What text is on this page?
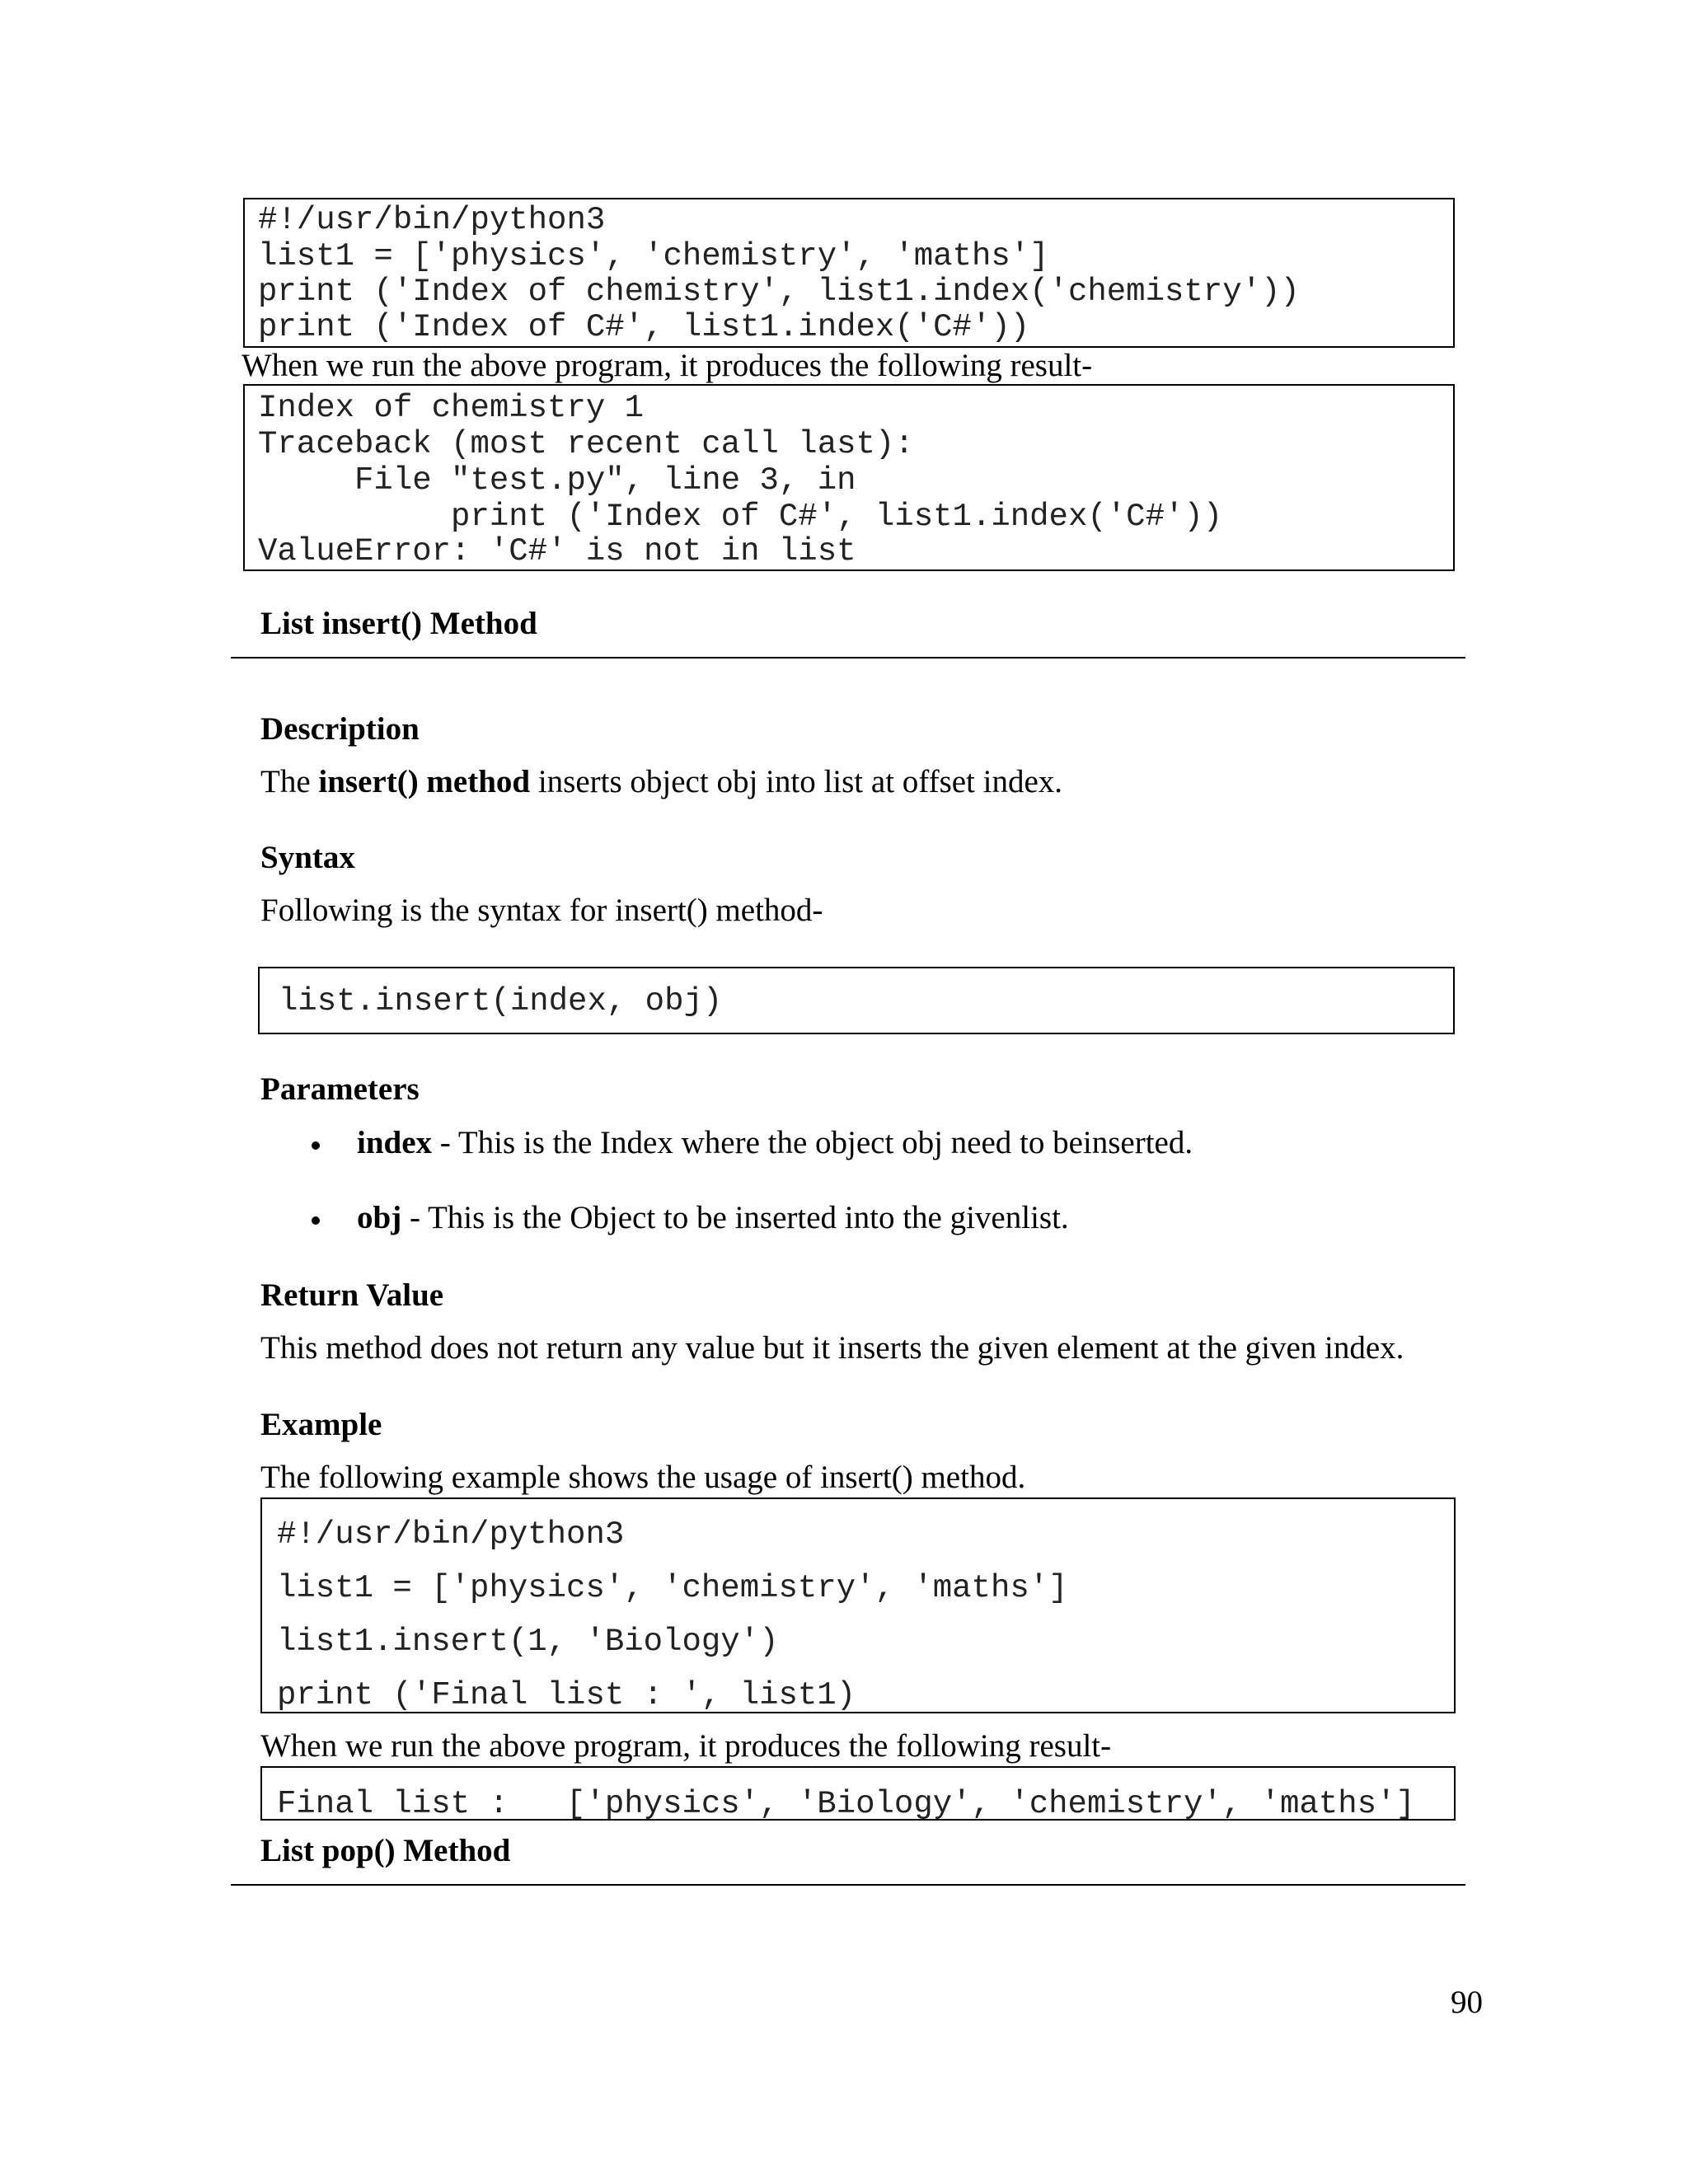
#!/usr/bin/python3
list1 = ['physics', 'chemistry', 'maths']
print ('Index of chemistry', list1.index('chemistry'))
print ('Index of C#', list1.index('C#'))
When we run the above program, it produces the following result-
Index of chemistry 1
Traceback (most recent call last):
File "test.py", line 3, in
print ('Index of C#', list1.index('C#'))
ValueError: 'C#' is not in list
List insert() Method
Description
The insert() method inserts object obj into list at offset index.
Syntax
Following is the syntax for insert() method-
list.insert(index, obj)
Parameters
index - This is the Index where the object obj need to beinserted.
obj - This is the Object to be inserted into the givenlist.
Return Value
This method does not return any value but it inserts the given element at the given index.
Example
The following example shows the usage of insert() method.
#!/usr/bin/python3
list1 = ['physics', 'chemistry', 'maths']
list1.insert(1, 'Biology')
print ('Final list : ', list1)
When we run the above program, it produces the following result-
Final list :   ['physics', 'Biology', 'chemistry', 'maths']
List pop() Method
90
